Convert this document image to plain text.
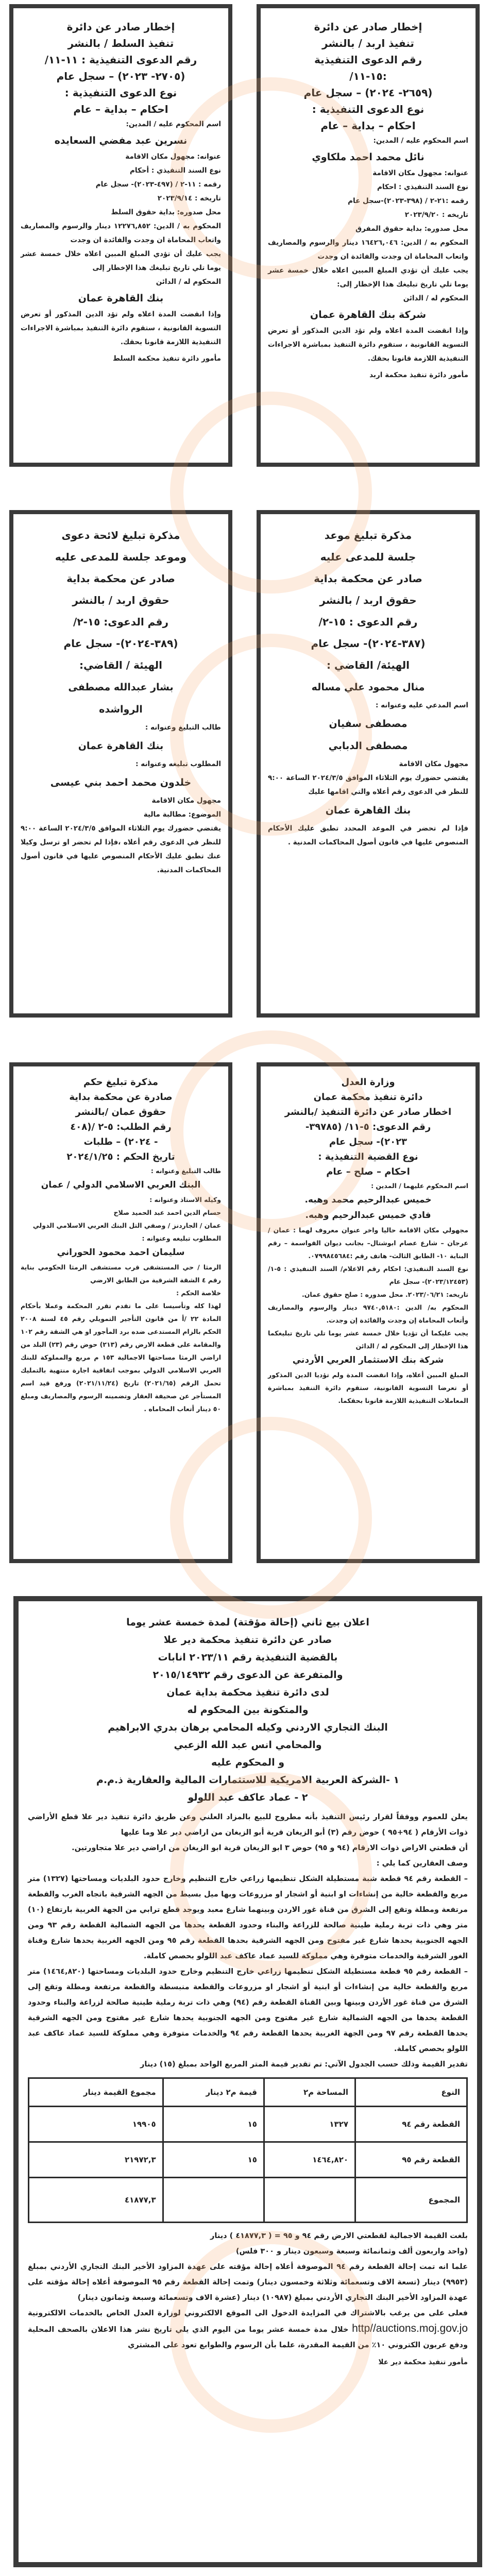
إخطار صادر عن دائرة
تنفيذ السلط / بالنشر
رقم الدعوى التنفيذية : ١١-١١/
(٢٧٠٥- ٢٠٢٣) – سجل عام
نوع الدعوى التنفيذية :
احكام – بداية – عام
اسم المحكوم عليه / المدين:
نسرين عبد مفضي السعايده
عنوانه: مجهول مكان الاقامة
نوع السند التنفيذي : أحكام
رقمه : ١١-٢ / (٤٩٧-٢٠٢٣)- سجل عام
تاريخه : ٢٠٢٣/٩/١٤
محل صدوره: بداية حقوق السلط
المحكوم به / الدين: ١٢٢٧٦,٨٥٢ دينار والرسوم والمصاريف واتعاب المحاماة ان وجدت والفائدة ان وجدت
يجب عليك أن تؤدي المبلغ المبين اعلاه خلال خمسة عشر يوما تلي تاريخ تبليغك هذا الإخطار إلى
المحكوم له / الدائن
بنك القاهرة عمان
وإذا انقضت المدة اعلاه ولم تؤد الدين المذكور أو تعرض التسوية القانونية ، ستقوم دائرة التنفيذ بمباشرة الاجراءات التنفيذية اللازمة قانونا بحقك.
مأمور دائرة تنفيذ محكمة السلط
إخطار صادر عن دائرة
تنفيذ اربد / بالنشر
رقم الدعوى التنفيذية
:١٥-١١/
(٢٦٥٩- ٢٠٢٤) – سجل عام
نوع الدعوى التنفيذية :
احكام – بداية – عام
اسم المحكوم عليه / المدين:
نائل محمد احمد ملكاوي
عنوانه: مجهول مكان الاقامة
نوع السند التنفيذي : احكام
رقمه :٢١-٢ / (٣٩٨-٢٠٢٣)-سجل عام
تاريخه : ٢٠٢٣/٩/٢٠
محل صدوره: بداية حقوق المفرق
المحكوم به / الدين: ١٦٤٢٦,٠٤٦ دينار والرسوم والمصاريف واتعاب المحاماة ان وجدت والفائدة ان وجدت
يجب عليك أن تؤدي المبلغ المبين اعلاه خلال خمسة عشر يوما تلي تاريخ تبليغك هذا الإخطار إلى:
المحكوم له / الدائن
شركة بنك القاهرة عمان
وإذا انقضت المدة اعلاه ولم تؤد الدين المذكور أو تعرض التسوية القانونية ، ستقوم دائرة التنفيذ بمباشرة الاجراءات التنفيذية اللازمة قانونا بحقك.
مأمور دائرة تنفيذ محكمة اربد
مذكرة تبليغ لائحة دعوى
وموعد جلسة للمدعى عليه
صادر عن محكمة بداية
حقوق اربد / بالنشر
رقم الدعوى: ١٥-٢/
(٣٨٩-٢٠٢٤)- سجل عام
الهيئة / القاضي:
بشار عبدالله مصطفى
الرواشده
طالب التبليغ وعنوانه :
بنك القاهرة عمان
المطلوب تبليغه وعنوانه :
خلدون محمد احمد بني عيسى
مجهول مكان الاقامة
الموضوع: مطالبة مالية
يقتضي حضورك يوم الثلاثاء الموافق ٢٠٢٤/٣/٥ الساعة ٩:٠٠ للنظر في الدعوى رقم أعلاه ،فإذا لم تحضر او ترسل وكيلا عنك تطبق عليك الأحكام المنصوص عليها في قانون أصول المحاكمات المدنية.
مذكرة تبليغ موعد
جلسة للمدعى عليه
صادر عن محكمة بداية
حقوق اربد / بالنشر
رقم الدعوى : ١٥-٢/
(٣٨٧-٢٠٢٤)- سجل عام
الهيئة/ القاضي :
منال محمود علي مساله
اسم المدعي عليه وعنوانه :
مصطفى سفيان
مصطفى الدبابي
مجهول مكان الاقامة
يقتضي حضورك يوم الثلاثاء الموافق ٢٠٢٤/٣/٥ الساعة ٩:٠٠ للنظر في الدعوى رقم أعلاه والتي اقامها عليك
بنك القاهرة عمان
فإذا لم تحضر في الموعد المحدد تطبق عليك الأحكام المنصوص عليها في قانون أصول المحاكمات المدنية .
مذكرة تبليغ حكم
صادرة عن محكمة بداية
حقوق عمان /بالنشر
رقم الطلب: ٥-٢ /(٤٠٨
- ٢٠٢٤) – طلبات
تاريخ الحكم : ٢٠٢٤/١/٢٥
طالب التبليغ وعنوانه :
البنك العربي الاسلامي الدولي / عمان
وكيله الاستاذ وعنوانه :
حسام الدين احمد عبد الحميد صلاح
عمان / الجاردنز / وصفي التل البنك العربي الاسلامي الدولي
المطلوب تبليغه وعنوانه :
سليمان احمد محمود الحوراني
الرمثا / حي المستشفى قرب مستشفى الرمثا الحكومي بناية رقم ٤ الشقة الشرقية من الطابق الارضي
خلاصة الحكم :
لهذا كله وتأسيسا على ما تقدم تقرر المحكمة وعملا بأحكام المادة ٢٢ /أ من قانون التأجير التمويلي رقم ٤٥ لسنة ٢٠٠٨ الحكم بالزام المستدعى ضده برد المأجور او هي الشقة رقم ١٠٢ والمقامة على قطعة الارض رقم (٢١٣) حوض رقم (٢٣) البلد من اراضي الرمثا مساحتها الاجمالية ١٥٣ م مربع والمملوكة للبنك العربي الاسلامي الدولي بموجب اتفاقية اجارة منتهية بالتمليك تحمل الرقم (٢٠٢١/٦٥) تاريخ (٢٠٢١/١١/٢٤) ورفع قيد اسم المستأجر عن صحيفة العقار وتضمينه الرسوم والمصاريف ومبلغ ٥٠ دينار أتعاب المحاماه .
وزارة العدل
دائرة تنفيذ محكمة عمان
اخطار صادر عن دائرة التنفيذ /بالنشر
رقم الدعوى: ٥-١١/ (٣٩٧٨٥-
٢٠٢٣)- سجل عام
نوع القضية التنفيذية :
احكام – صلح – عام
اسم المحكوم عليهما / المدين :
خميس عبدالرحيم محمد وهبه.
فادي خميس عبدالرحيم وهبه.
مجهولي مكان الاقامة حاليا واخر عنوان معروف لهما : عمان / عرجان – شارع عصام ابوشتال– بجانب ديوان القواسمة – رقم البناية ١٠- الطابق الثالث- هاتف رقم :٠٧٩٩٨٤٥٦٨٤.
نوع السند التنفيذي: احكام رقم الاعلام/ السند التنفيذي : ٥-١/ (٢٠٢٣/١٢٤٥٣)- سجل عام
تاريخه: ٢٠٢٣/٠٦/٢١. محل صدوره : صلح حقوق عمان.
المحكوم به/ الدين :٩٧٤٠,٥١٨٠ دينار والرسوم والمصاريف وأتعاب المحاماة إن وجدت والفائدة إن وجدت.
يجب عليكما أن تؤديا خلال خمسة عشر يوما تلي تاريخ تبليغكما هذا الإخطار إلى المحكوم له / الدائن
شركة بنك الاستثمار العربي الأردني
المبلغ المبين أعلاه، وإذا انقضت المدة ولم تؤديا الدين المذكور أو تعرضا التسوية القانونية، ستقوم دائرة التنفيذ بمباشرة المعاملات التنفيذية اللازمة قانونا بحقكما.
اعلان بيع ثاني (إحالة مؤقتة) لمدة خمسة عشر يوما
صادر عن دائرة تنفيذ محكمة دير علا
بالقضية التنفيذية رقم ٢٠٢٣/١١ انابات
والمتفرعة عن الدعوى رقم ٢٠١٥/١٤٩٣٢
لدى دائرة تنفيذ محكمة بداية عمان
والمتكونة بين المحكوم له
البنك التجاري الاردني وكيله المحامي برهان بدري الابراهيم
والمحامي انس عبد الله الزعبي
و المحكوم عليه
١ -الشركة العربية الامريكية للاستثمارات المالية والعقارية ذ.م.م
٢ - عماد عاكف عبد اللولو
يعلن للعموم ووفقاً لقرار رئيس التنفيذ بأنه مطروح للبيع بالمزاد العلني وعن طريق دائرة تنفيذ دير علا قطع الأراضي ذوات الأرقام ( ٩٤+٩٥ ) حوض رقم (٣) أبو الزيغان قرية أبو الزيغان من اراضي دير علا وما عليها
أن قطعتي الاراض ذوات الارقام (٩٤ و ٩٥) حوض ٣ ابو الزيغان قرية ابو الزيغان من اراضي دير علا متجاورتين.
وصف العقارين كما يلي :
– القطعة رقم ٩٤ قطعة شبة مستطيلة الشكل تنظيمها زراعي خارج التنظيم وخارج حدود البلديات ومساحتها (١٣٢٧) متر مربع والقطعة خالية من إنشاءات او ابنية أو اشجار او مزروعات وبها ميل بسيط من الجهه الشرقية باتجاه الغرب والقطعة مرتفعة ومطلة وتقع إلى الشرق من قناة غور الاردن وبينهما شارع معبد ويوجد قطع ترابي من الجهة الغربية بارتفاع (١٠) متر وهي ذات تربة رملية طينية صالحة للزراعة والبناء وحدود القطعة يحدها من الجهه الشمالية القطعة رقم ٩٣ ومن الجهه الجنوبية يحدها شارع غير مفتوح ومن الجهه الشرقية بحدها القطعة رقم ٩٥ ومن الجهه الغربية يحدها شارع وقناة الغور الشرقية والخدمات متوفرة وهي مملوكة للسيد عماد عاكف عبد اللولو بحصص كاملة.
– القطعة رقم ٩٥ قطعة مستطيلة الشكل تنظيمها زراعي خارج التنظيم وخارج حدود البلديات ومساحتها (١٤٦٤,٨٢٠) متر مربع والقطعة خالية من إنشاءات أو ابنية أو اشجار او مزروعات والقطعة منبسطة والقطعة مرتفعة ومطلة وتقع إلى الشرق من قناة غور الأردن وبينها وبين القناة القطعة رقم (٩٤) وهي ذات تربة رملية طينية صالحة لزراعة والبناء وحدود القطعة يحدها من الجهه الشمالية شارع غير مفتوح ومن الجهه الجنوبية يحدها شارع غير مفتوح ومن الجهه الشرقية يحدها القطعة رقم ٩٧ ومن الجهة الغربية يحدها القطعة رقم ٩٤ والخدمات متوفرة وهي مملوكة للسيد عماد عاكف عبد اللولو بحصص كاملة.
تقدير القيمة وذلك حسب الجدول الآتي: تم تقدير قيمة المتر المربع الواحد بمبلغ (١٥) دينار
النوع	المساحة م٢	قيمة م٢ دينار	مجموع القيمة دينار
القطعة رقم ٩٤	١٣٢٧	١٥	١٩٩٠٥
القطعة رقم ٩٥	١٤٦٤,٨٢٠	١٥	٢١٩٧٢,٣
المجموع			٤١٨٧٧,٣
بلغت القيمة الاجمالية لقطعتي الارض رقم ٩٤ و ٩٥ = ( ٤١٨٧٧,٣ ) دينار
(واحد واربعون ألف وثمانمائة وسبعة وسبعون دينار و ٣٠٠ فلس)
علما انه تمت إحالة القطعة رقم ٩٤ الموصوفة أعلاه إحالة مؤقته على عهدة المزاود الأخير البنك التجاري الأردني بمبلغ (٩٩٥٣) دينار (تسعة الاف وتسعمائة وثلاثة وخمسون دينار) وتمت إحالة القطعة رقم ٩٥ الموصوفة أعلاه إحالة مؤقته على عهدة المزاود الأخير البنك التجاري الأردني بمبلغ (١٠٩٨٧) دينار (عشرة الاف وتسعمائة وسبعة وثمانون دينار)
فعلى على من يرغب بالاشتراك في المزايدة الدخول الى الموقع الالكتروني لوزارة العدل الخاص بالخدمات الالكترونية http//auctions.moj.gov.jo خلال مدة خمسة عشر يوما من اليوم الذي يلي تاريخ نشر هذا الاعلان بالصحف المحلية ودفع عربون الكتروني ١٠٪ من القيمة المقدرة، علما بأن الرسوم والطوابع تعود على المشتري
مأمور تنفيذ محكمة دير علا
